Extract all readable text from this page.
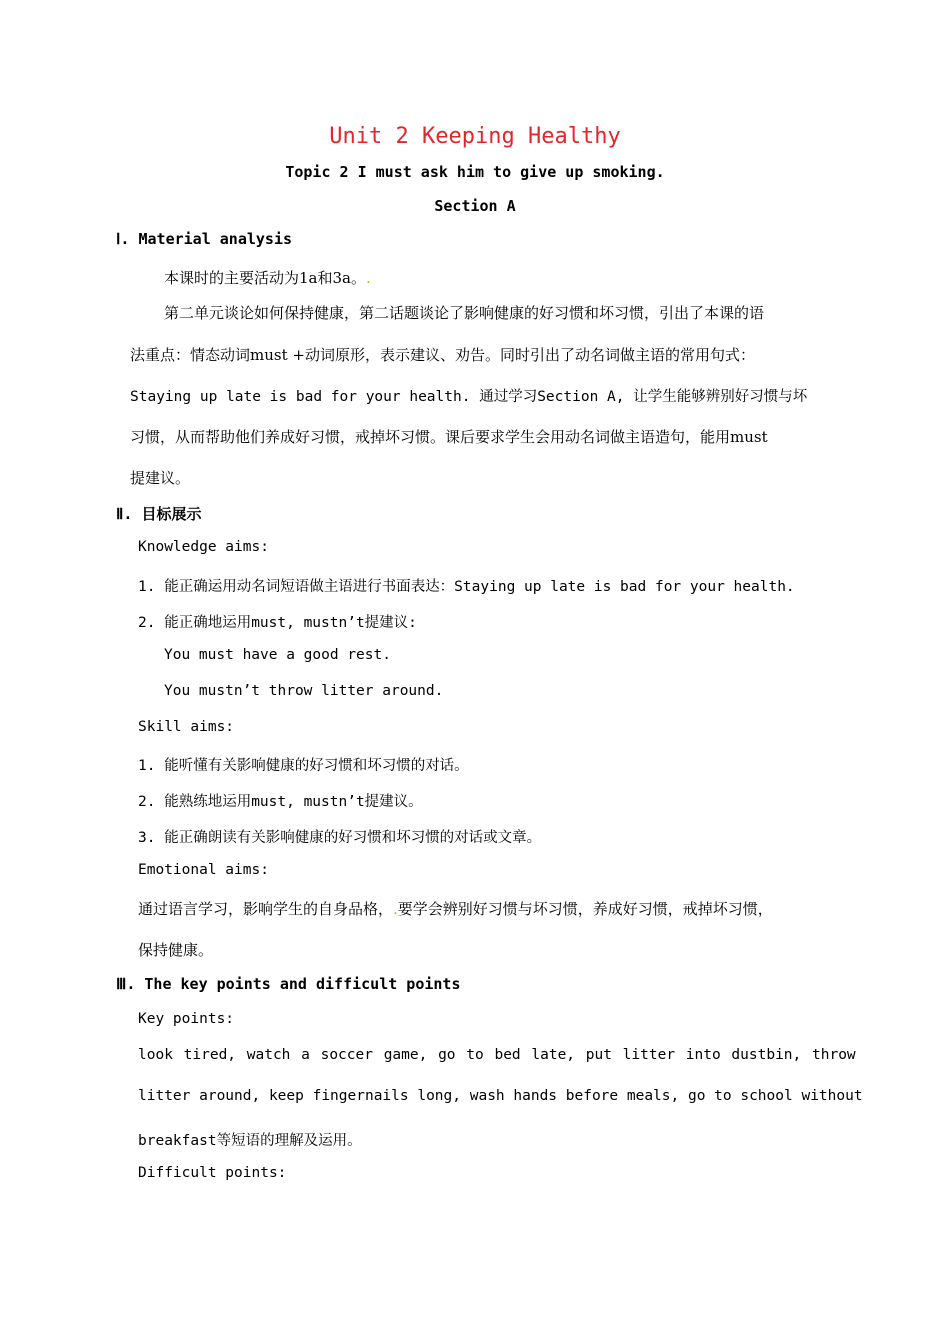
Unit 2 Keeping Healthy
Topic 2 I must ask him to give up smoking.
Section A
Ⅰ. Material analysis
本课时的主要活动为1a和3a。.
第二单元谈论如何保持健康，第二话题谈论了影响健康的好习惯和坏习惯，引出了本课的语
法重点：情态动词must +动词原形，表示建议、劝告。同时引出了动名词做主语的常用句式：
Staying up late is bad for your health. 通过学习Section A, 让学生能够辨别好习惯与坏
习惯，从而帮助他们养成好习惯，戒掉坏习惯。课后要求学生会用动名词做主语造句，能用must
提建议。
Ⅱ. 目标展示
Knowledge aims:
1. 能正确运用动名词短语做主语进行书面表达：Staying up late is bad for your health.
2. 能正确地运用must, mustn’t提建议:
You must have a good rest.
You mustn’t throw litter around.
Skill aims:
1. 能听懂有关影响健康的好习惯和坏习惯的对话。
2. 能熟练地运用must, mustn’t提建议。
3. 能正确朗读有关影响健康的好习惯和坏习惯的对话或文章。
Emotional aims:
通过语言学习，影响学生的自身品格，.要学会辨别好习惯与坏习惯，养成好习惯，戒掉坏习惯，
保持健康。
Ⅲ. The key points and difficult points
Key points:
look tired, watch a soccer game, go to bed late, put litter into dustbin, throw
litter around, keep fingernails long, wash hands before meals, go to school without
breakfast等短语的理解及运用。
Difficult points:
